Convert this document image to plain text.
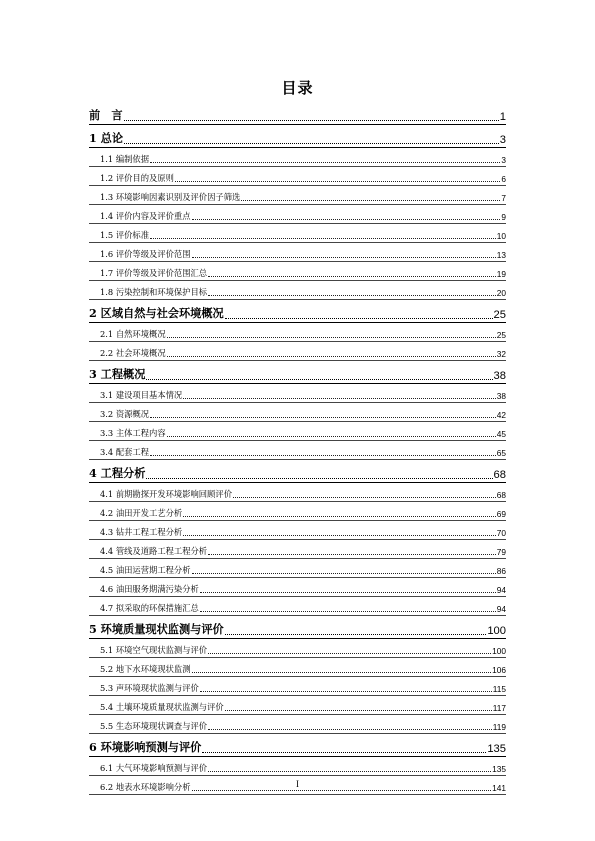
目录
前　言	1
1 总论	3
1.1 编制依据	3
1.2 评价目的及原则	6
1.3 环境影响因素识别及评价因子筛选	7
1.4 评价内容及评价重点	9
1.5 评价标准	10
1.6 评价等级及评价范围	13
1.7 评价等级及评价范围汇总	19
1.8 污染控制和环境保护目标	20
2 区域自然与社会环境概况	25
2.1 自然环境概况	25
2.2 社会环境概况	32
3 工程概况	38
3.1 建设项目基本情况	38
3.2 资源概况	42
3.3 主体工程内容	45
3.4 配套工程	65
4 工程分析	68
4.1 前期勘探开发环境影响回顾评价	68
4.2 油田开发工艺分析	69
4.3 钻井工程工程分析	70
4.4 管线及道路工程工程分析	79
4.5 油田运营期工程分析	86
4.6 油田服务期满污染分析	94
4.7 拟采取的环保措施汇总	94
5 环境质量现状监测与评价	100
5.1 环境空气现状监测与评价	100
5.2 地下水环境现状监测	106
5.3 声环境现状监测与评价	115
5.4 土壤环境质量现状监测与评价	117
5.5 生态环境现状调查与评价	119
6 环境影响预测与评价	135
6.1 大气环境影响预测与评价	135
6.2 地表水环境影响分析	141
I
